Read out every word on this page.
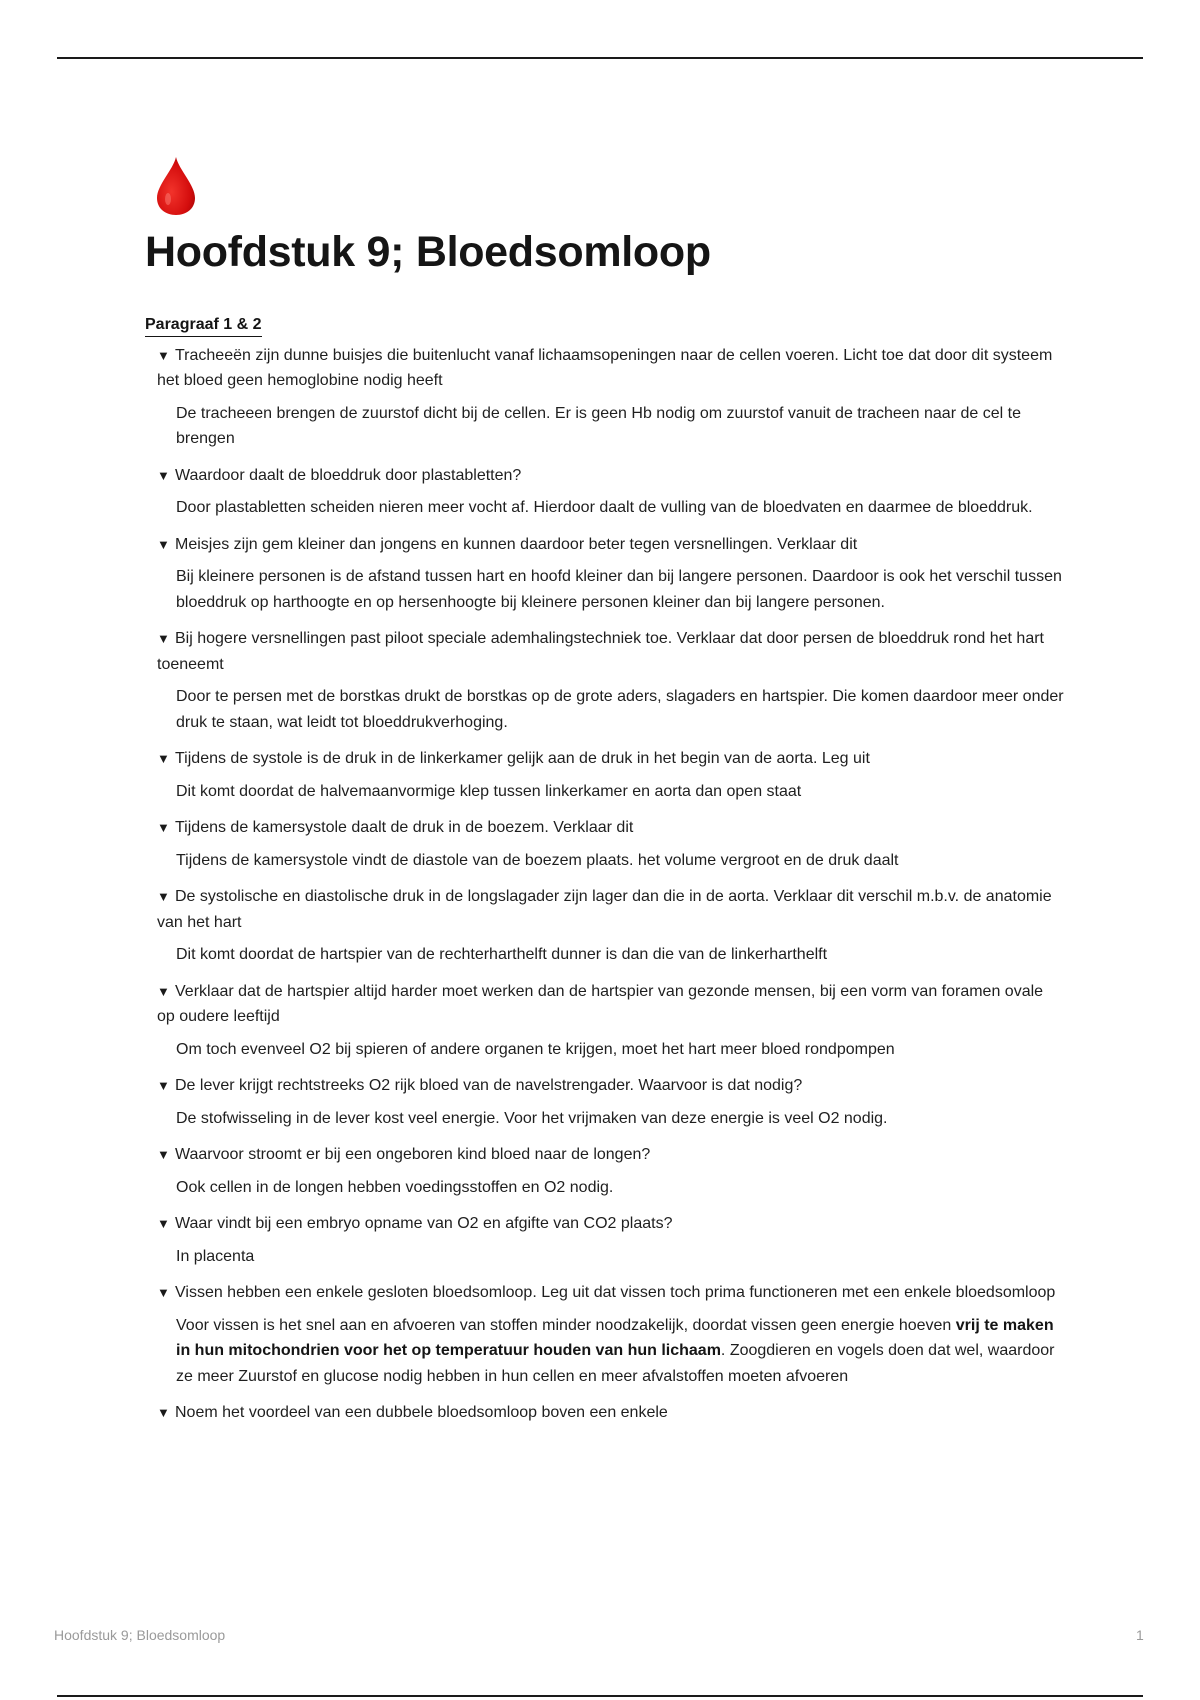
Hoofdstuk 9; Bloedsomloop
Paragraaf 1 & 2
▼ Tracheeën zijn dunne buisjes die buitenlucht vanaf lichaamsopeningen naar de cellen voeren. Licht toe dat door dit systeem het bloed geen hemoglobine nodig heeft
De tracheeen brengen de zuurstof dicht bij de cellen. Er is geen Hb nodig om zuurstof vanuit de tracheen naar de cel te brengen
▼ Waardoor daalt de bloeddruk door plastabletten?
Door plastabletten scheiden nieren meer vocht af. Hierdoor daalt de vulling van de bloedvaten en daarmee de bloeddruk.
▼ Meisjes zijn gem kleiner dan jongens en kunnen daardoor beter tegen versnellingen. Verklaar dit
Bij kleinere personen is de afstand tussen hart en hoofd kleiner dan bij langere personen. Daardoor is ook het verschil tussen bloeddruk op harthoogte en op hersenhoogte bij kleinere personen kleiner dan bij langere personen.
▼ Bij hogere versnellingen past piloot speciale ademhalingstechniek toe. Verklaar dat door persen de bloeddruk rond het hart toeneemt
Door te persen met de borstkas drukt de borstkas op de grote aders, slagaders en hartspier. Die komen daardoor meer onder druk te staan, wat leidt tot bloeddrukverhoging.
▼ Tijdens de systole is de druk in de linkerkamer gelijk aan de druk in het begin van de aorta. Leg uit
Dit komt doordat de halvemaanvormige klep tussen linkerkamer en aorta dan open staat
▼ Tijdens de kamersystole daalt de druk in de boezem. Verklaar dit
Tijdens de kamersystole vindt de diastole van de boezem plaats. het volume vergroot en de druk daalt
▼ De systolische en diastolische druk in de longslagader zijn lager dan die in de aorta. Verklaar dit verschil m.b.v. de anatomie van het hart
Dit komt doordat de hartspier van de rechterharthelft dunner is dan die van de linkerharthelft
▼ Verklaar dat de hartspier altijd harder moet werken dan de hartspier van gezonde mensen, bij een vorm van foramen ovale op oudere leeftijd
Om toch evenveel O2 bij spieren of andere organen te krijgen, moet het hart meer bloed rondpompen
▼ De lever krijgt rechtstreeks O2 rijk bloed van de navelstrengader. Waarvoor is dat nodig?
De stofwisseling in de lever kost veel energie. Voor het vrijmaken van deze energie is veel O2 nodig.
▼ Waarvoor stroomt er bij een ongeboren kind bloed naar de longen?
Ook cellen in de longen hebben voedingsstoffen en O2 nodig.
▼ Waar vindt bij een embryo opname van O2 en afgifte van CO2 plaats?
In placenta
▼ Vissen hebben een enkele gesloten bloedsomloop. Leg uit dat vissen toch prima functioneren met een enkele bloedsomloop
Voor vissen is het snel aan en afvoeren van stoffen minder noodzakelijk, doordat vissen geen energie hoeven vrij te maken in hun mitochondrien voor het op temperatuur houden van hun lichaam. Zoogdieren en vogels doen dat wel, waardoor ze meer Zuurstof en glucose nodig hebben in hun cellen en meer afvalstoffen moeten afvoeren
▼ Noem het voordeel van een dubbele bloedsomloop boven een enkele
Hoofdstuk 9; Bloedsomloop	1
